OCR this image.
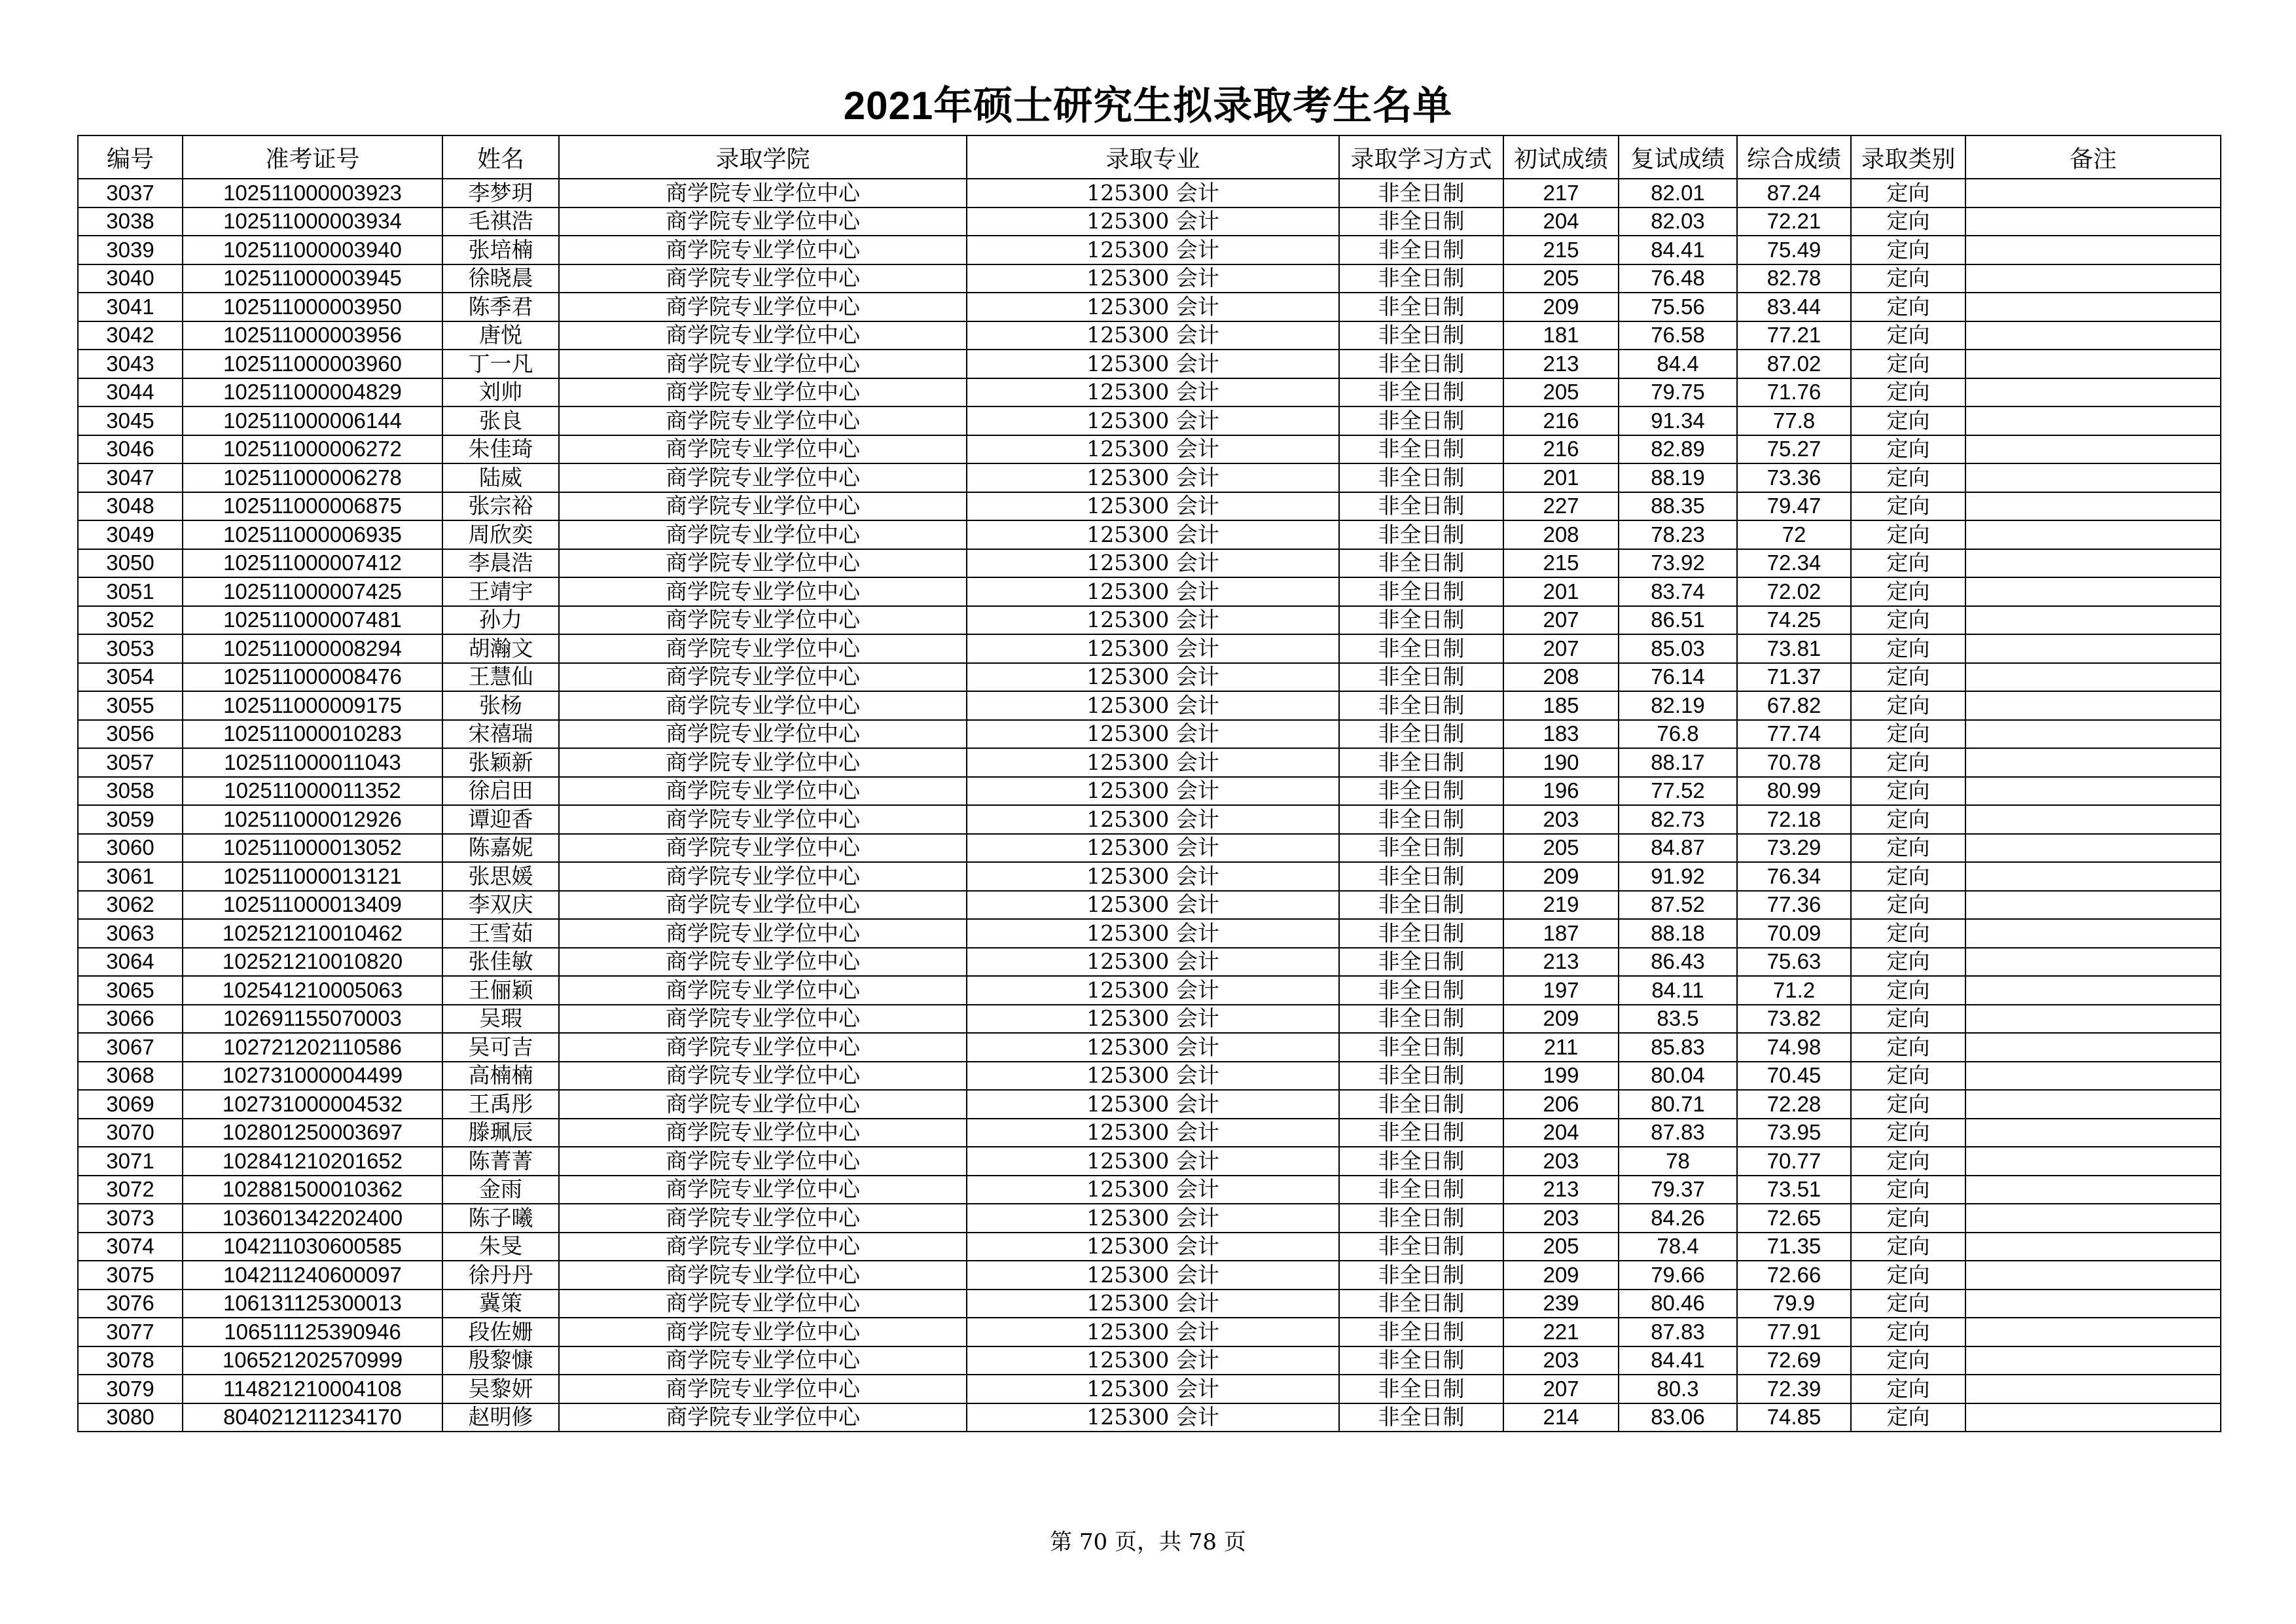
2021年硕士研究生拟录取考生名单
编号	准考证号	姓名	录取学院	录取专业	录取学习方式	初试成绩	复试成绩	综合成绩	录取类别	备注
3037	102511000003923	李梦玥	商学院专业学位中心	125300 会计	非全日制	217	82.01	87.24	定向	
3038	102511000003934	毛祺浩	商学院专业学位中心	125300 会计	非全日制	204	82.03	72.21	定向	
3039	102511000003940	张培楠	商学院专业学位中心	125300 会计	非全日制	215	84.41	75.49	定向	
3040	102511000003945	徐晓晨	商学院专业学位中心	125300 会计	非全日制	205	76.48	82.78	定向	
3041	102511000003950	陈季君	商学院专业学位中心	125300 会计	非全日制	209	75.56	83.44	定向	
3042	102511000003956	唐悦	商学院专业学位中心	125300 会计	非全日制	181	76.58	77.21	定向	
3043	102511000003960	丁一凡	商学院专业学位中心	125300 会计	非全日制	213	84.4	87.02	定向	
3044	102511000004829	刘帅	商学院专业学位中心	125300 会计	非全日制	205	79.75	71.76	定向	
3045	102511000006144	张良	商学院专业学位中心	125300 会计	非全日制	216	91.34	77.8	定向	
3046	102511000006272	朱佳琦	商学院专业学位中心	125300 会计	非全日制	216	82.89	75.27	定向	
3047	102511000006278	陆威	商学院专业学位中心	125300 会计	非全日制	201	88.19	73.36	定向	
3048	102511000006875	张宗裕	商学院专业学位中心	125300 会计	非全日制	227	88.35	79.47	定向	
3049	102511000006935	周欣奕	商学院专业学位中心	125300 会计	非全日制	208	78.23	72	定向	
3050	102511000007412	李晨浩	商学院专业学位中心	125300 会计	非全日制	215	73.92	72.34	定向	
3051	102511000007425	王靖宇	商学院专业学位中心	125300 会计	非全日制	201	83.74	72.02	定向	
3052	102511000007481	孙力	商学院专业学位中心	125300 会计	非全日制	207	86.51	74.25	定向	
3053	102511000008294	胡瀚文	商学院专业学位中心	125300 会计	非全日制	207	85.03	73.81	定向	
3054	102511000008476	王慧仙	商学院专业学位中心	125300 会计	非全日制	208	76.14	71.37	定向	
3055	102511000009175	张杨	商学院专业学位中心	125300 会计	非全日制	185	82.19	67.82	定向	
3056	102511000010283	宋禧瑞	商学院专业学位中心	125300 会计	非全日制	183	76.8	77.74	定向	
3057	102511000011043	张颖新	商学院专业学位中心	125300 会计	非全日制	190	88.17	70.78	定向	
3058	102511000011352	徐启田	商学院专业学位中心	125300 会计	非全日制	196	77.52	80.99	定向	
3059	102511000012926	谭迎香	商学院专业学位中心	125300 会计	非全日制	203	82.73	72.18	定向	
3060	102511000013052	陈嘉妮	商学院专业学位中心	125300 会计	非全日制	205	84.87	73.29	定向	
3061	102511000013121	张思媛	商学院专业学位中心	125300 会计	非全日制	209	91.92	76.34	定向	
3062	102511000013409	李双庆	商学院专业学位中心	125300 会计	非全日制	219	87.52	77.36	定向	
3063	102521210010462	王雪茹	商学院专业学位中心	125300 会计	非全日制	187	88.18	70.09	定向	
3064	102521210010820	张佳敏	商学院专业学位中心	125300 会计	非全日制	213	86.43	75.63	定向	
3065	102541210005063	王俪颖	商学院专业学位中心	125300 会计	非全日制	197	84.11	71.2	定向	
3066	102691155070003	吴瑕	商学院专业学位中心	125300 会计	非全日制	209	83.5	73.82	定向	
3067	102721202110586	吴可吉	商学院专业学位中心	125300 会计	非全日制	211	85.83	74.98	定向	
3068	102731000004499	高楠楠	商学院专业学位中心	125300 会计	非全日制	199	80.04	70.45	定向	
3069	102731000004532	王禹彤	商学院专业学位中心	125300 会计	非全日制	206	80.71	72.28	定向	
3070	102801250003697	滕珮辰	商学院专业学位中心	125300 会计	非全日制	204	87.83	73.95	定向	
3071	102841210201652	陈菁菁	商学院专业学位中心	125300 会计	非全日制	203	78	70.77	定向	
3072	102881500010362	金雨	商学院专业学位中心	125300 会计	非全日制	213	79.37	73.51	定向	
3073	103601342202400	陈子曦	商学院专业学位中心	125300 会计	非全日制	203	84.26	72.65	定向	
3074	104211030600585	朱旻	商学院专业学位中心	125300 会计	非全日制	205	78.4	71.35	定向	
3075	104211240600097	徐丹丹	商学院专业学位中心	125300 会计	非全日制	209	79.66	72.66	定向	
3076	106131125300013	冀策	商学院专业学位中心	125300 会计	非全日制	239	80.46	79.9	定向	
3077	106511125390946	段佐姗	商学院专业学位中心	125300 会计	非全日制	221	87.83	77.91	定向	
3078	106521202570999	殷黎慷	商学院专业学位中心	125300 会计	非全日制	203	84.41	72.69	定向	
3079	114821210004108	吴黎妍	商学院专业学位中心	125300 会计	非全日制	207	80.3	72.39	定向	
3080	804021211234170	赵明修	商学院专业学位中心	125300 会计	非全日制	214	83.06	74.85	定向	
第 70 页，共 78 页
